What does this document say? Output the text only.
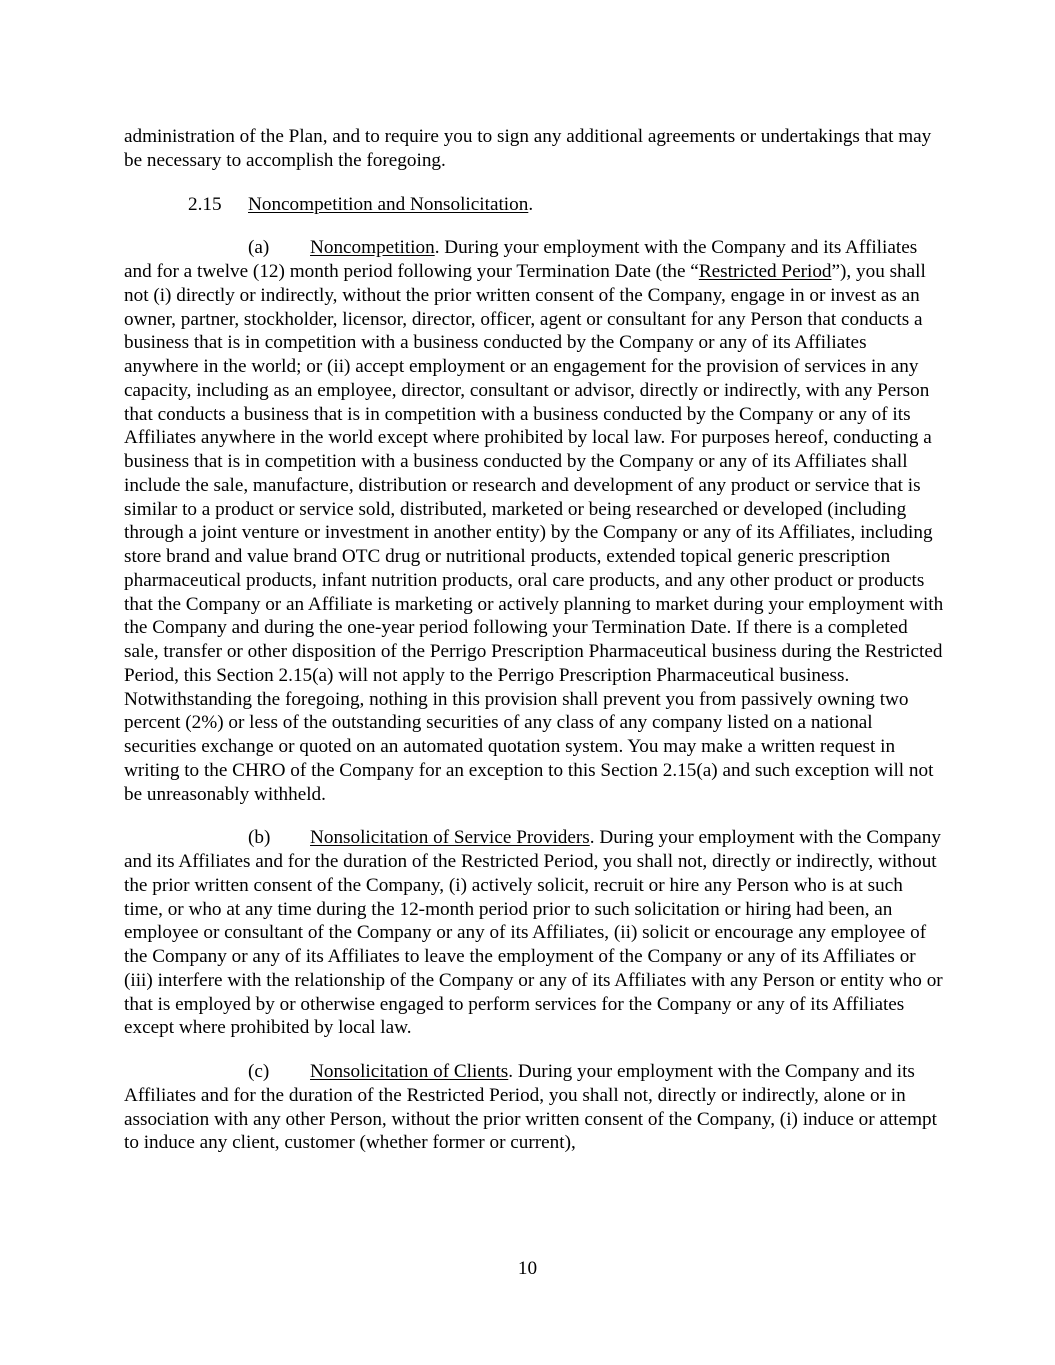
administration of the Plan, and to require you to sign any additional agreements or undertakings that may be necessary to accomplish the foregoing.

2.15 Noncompetition and Nonsolicitation.

(a) Noncompetition. During your employment with the Company and its Affiliates and for a twelve (12) month period following your Termination Date (the “Restricted Period”), you shall not (i) directly or indirectly, without the prior written consent of the Company, engage in or invest as an owner, partner, stockholder, licensor, director, officer, agent or consultant for any Person that conducts a business that is in competition with a business conducted by the Company or any of its Affiliates anywhere in the world; or (ii) accept employment or an engagement for the provision of services in any capacity, including as an employee, director, consultant or advisor, directly or indirectly, with any Person that conducts a business that is in competition with a business conducted by the Company or any of its Affiliates anywhere in the world except where prohibited by local law. For purposes hereof, conducting a business that is in competition with a business conducted by the Company or any of its Affiliates shall include the sale, manufacture, distribution or research and development of any product or service that is similar to a product or service sold, distributed, marketed or being researched or developed (including through a joint venture or investment in another entity) by the Company or any of its Affiliates, including store brand and value brand OTC drug or nutritional products, extended topical generic prescription pharmaceutical products, infant nutrition products, oral care products, and any other product or products that the Company or an Affiliate is marketing or actively planning to market during your employment with the Company and during the one-year period following your Termination Date. If there is a completed sale, transfer or other disposition of the Perrigo Prescription Pharmaceutical business during the Restricted Period, this Section 2.15(a) will not apply to the Perrigo Prescription Pharmaceutical business. Notwithstanding the foregoing, nothing in this provision shall prevent you from passively owning two percent (2%) or less of the outstanding securities of any class of any company listed on a national securities exchange or quoted on an automated quotation system. You may make a written request in writing to the CHRO of the Company for an exception to this Section 2.15(a) and such exception will not be unreasonably withheld.

(b) Nonsolicitation of Service Providers. During your employment with the Company and its Affiliates and for the duration of the Restricted Period, you shall not, directly or indirectly, without the prior written consent of the Company, (i) actively solicit, recruit or hire any Person who is at such time, or who at any time during the 12-month period prior to such solicitation or hiring had been, an employee or consultant of the Company or any of its Affiliates, (ii) solicit or encourage any employee of the Company or any of its Affiliates to leave the employment of the Company or any of its Affiliates or (iii) interfere with the relationship of the Company or any of its Affiliates with any Person or entity who or that is employed by or otherwise engaged to perform services for the Company or any of its Affiliates except where prohibited by local law.

(c) Nonsolicitation of Clients. During your employment with the Company and its Affiliates and for the duration of the Restricted Period, you shall not, directly or indirectly, alone or in association with any other Person, without the prior written consent of the Company, (i) induce or attempt to induce any client, customer (whether former or current),

10
